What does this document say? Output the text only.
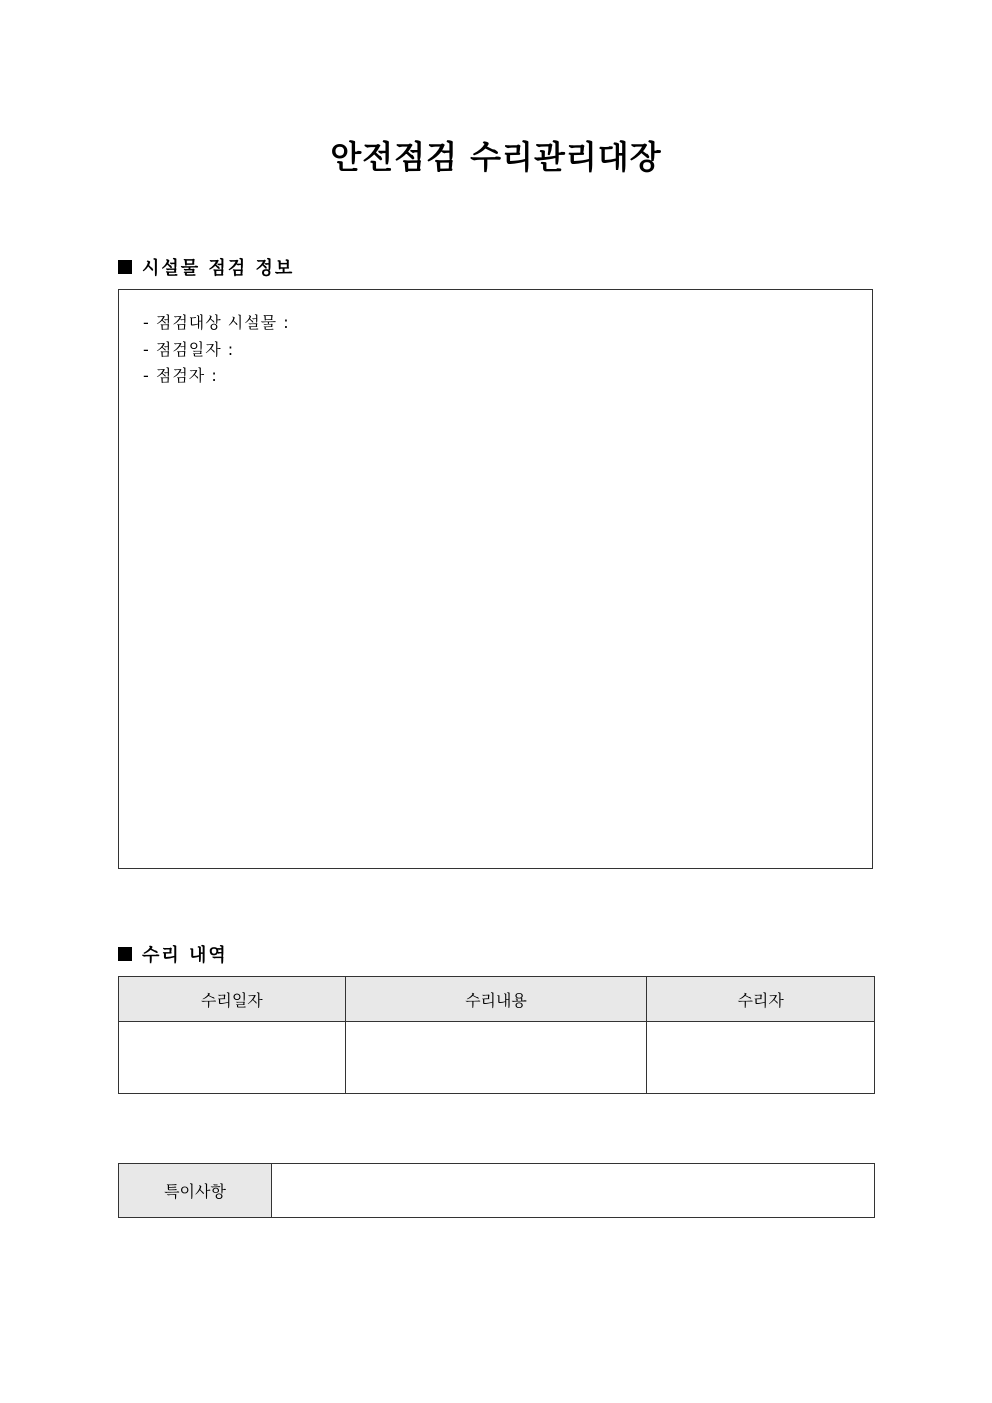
안전점검 수리관리대장
시설물 점검 정보
- 점검대상 시설물 :
- 점검일자 :
- 점검자 :
수리 내역
수리일자	수리내용	수리자

특이사항	
